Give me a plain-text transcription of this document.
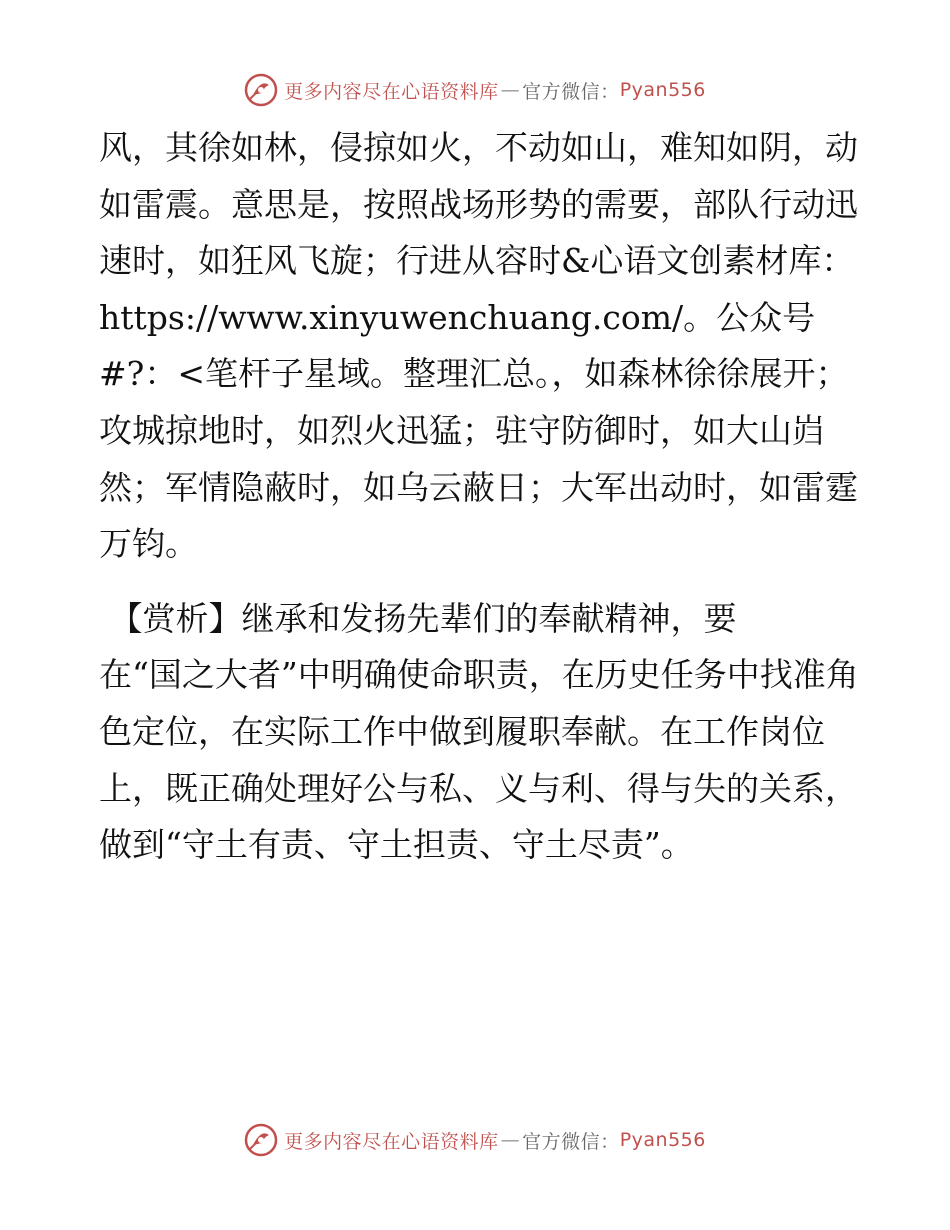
更多内容尽在心语资料库 — 官方微信： Pyan556

风，其徐如林，侵掠如火，不动如山，难知如阴，动如雷震。意思是，按照战场形势的需要，部队行动迅速时，如狂风飞旋；行进从容时&心语文创素材库：https://www.xinyuwenchuang.com/。公众号#?：<笔杆子星域。整理汇总。，如森林徐徐展开；攻城掠地时，如烈火迅猛；驻守防御时，如大山岿然；军情隐蔽时，如乌云蔽日；大军出动时，如雷霆万钧。

【赏析】继承和发扬先辈们的奉献精神，要
在“国之大者”中明确使命职责，在历史任务中找准角色定位，在实际工作中做到履职奉献。在工作岗位上，既正确处理好公与私、义与利、得与失的关系，做到“守土有责、守土担责、守土尽责”。

更多内容尽在心语资料库 — 官方微信： Pyan556
